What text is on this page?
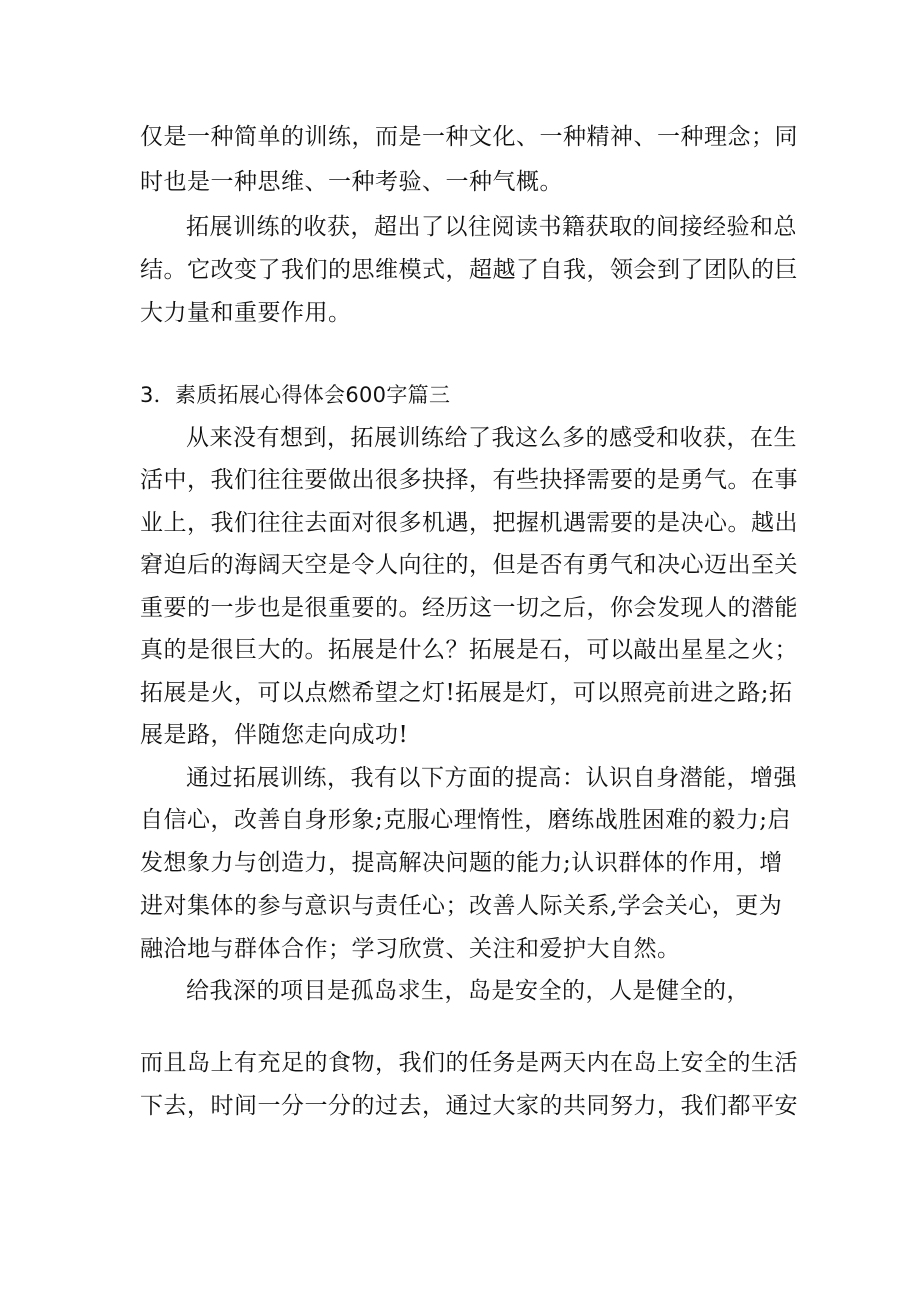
仅是一种简单的训练，而是一种文化、一种精神、一种理念；同
时也是一种思维、一种考验、一种气概。
拓展训练的收获，超出了以往阅读书籍获取的间接经验和总
结。它改变了我们的思维模式，超越了自我，领会到了团队的巨
大力量和重要作用。
3．素质拓展心得体会600字篇三
从来没有想到，拓展训练给了我这么多的感受和收获，在生
活中，我们往往要做出很多抉择，有些抉择需要的是勇气。在事
业上，我们往往去面对很多机遇，把握机遇需要的是决心。越出
窘迫后的海阔天空是令人向往的，但是否有勇气和决心迈出至关
重要的一步也是很重要的。经历这一切之后，你会发现人的潜能
真的是很巨大的。拓展是什么？拓展是石，可以敲出星星之火；
拓展是火，可以点燃希望之灯!拓展是灯，可以照亮前进之路;拓
展是路，伴随您走向成功!
通过拓展训练，我有以下方面的提高：认识自身潜能，增强
自信心，改善自身形象;克服心理惰性，磨练战胜困难的毅力;启
发想象力与创造力，提高解决问题的能力;认识群体的作用，增
进对集体的参与意识与责任心；改善人际关系,学会关心，更为
融洽地与群体合作；学习欣赏、关注和爱护大自然。
给我深的项目是孤岛求生，岛是安全的，人是健全的，
而且岛上有充足的食物，我们的任务是两天内在岛上安全的生活
下去，时间一分一分的过去，通过大家的共同努力，我们都平安
